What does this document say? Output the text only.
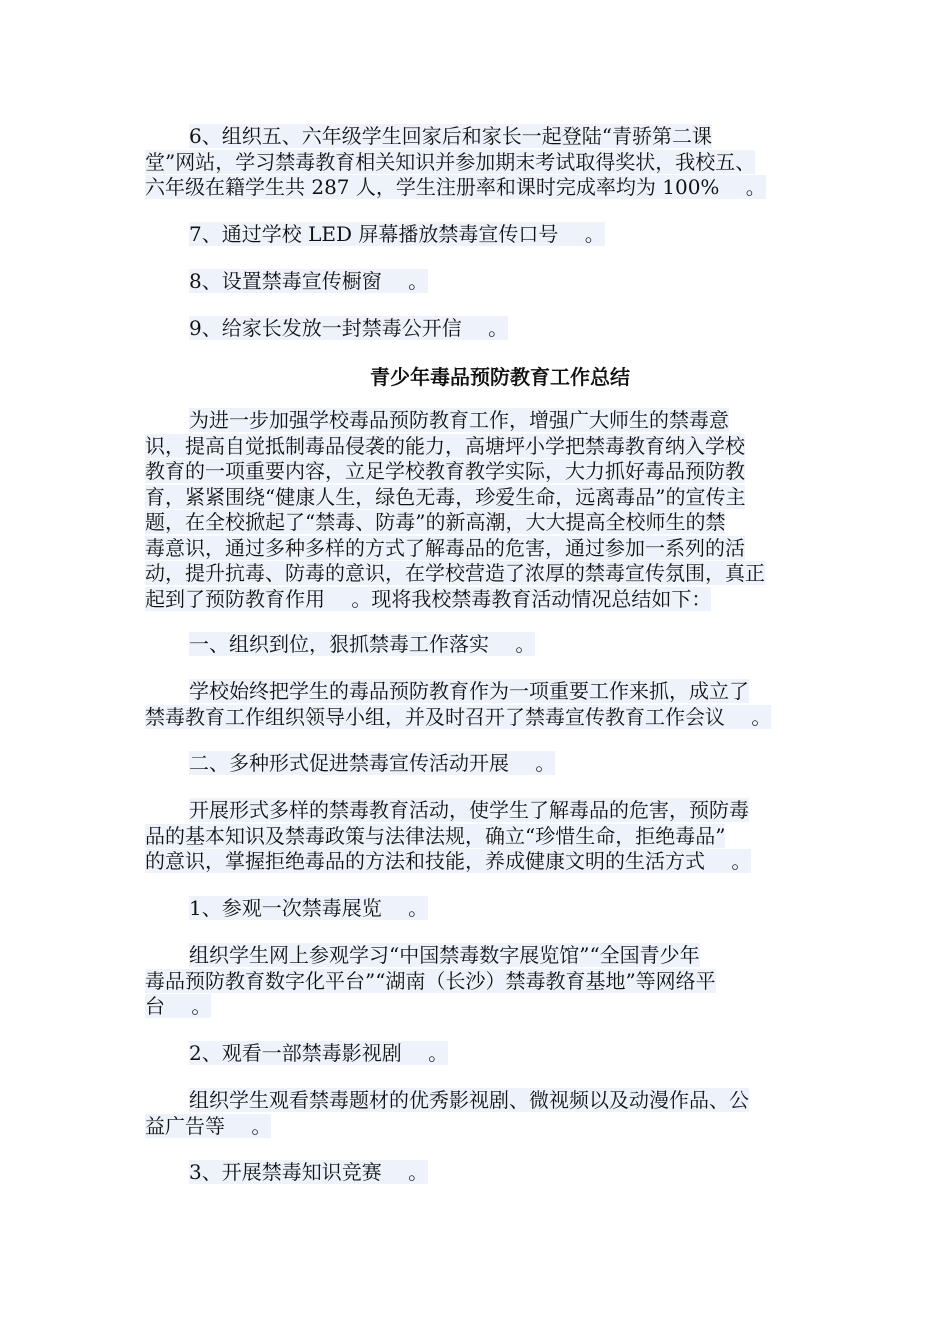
6、组织五、六年级学生回家后和家长一起登陆“青骄第二课
堂”网站，学习禁毒教育相关知识并参加期末考试取得奖状，我校五、
六年级在籍学生共 287 人，学生注册率和课时完成率均为 100%　 。

7、通过学校 LED 屏幕播放禁毒宣传口号　 。

8、设置禁毒宣传橱窗　 。

9、给家长发放一封禁毒公开信　 。

青少年毒品预防教育工作总结

为进一步加强学校毒品预防教育工作，增强广大师生的禁毒意
识，提高自觉抵制毒品侵袭的能力，高塘坪小学把禁毒教育纳入学校
教育的一项重要内容，立足学校教育教学实际，大力抓好毒品预防教
育，紧紧围绕“健康人生，绿色无毒，珍爱生命，远离毒品”的宣传主
题，在全校掀起了“禁毒、防毒”的新高潮，大大提高全校师生的禁
毒意识，通过多种多样的方式了解毒品的危害，通过参加一系列的活
动，提升抗毒、防毒的意识，在学校营造了浓厚的禁毒宣传氛围，真正
起到了预防教育作用　 。现将我校禁毒教育活动情况总结如下：

一、组织到位，狠抓禁毒工作落实　 。

学校始终把学生的毒品预防教育作为一项重要工作来抓，成立了
禁毒教育工作组织领导小组，并及时召开了禁毒宣传教育工作会议　 。

二、多种形式促进禁毒宣传活动开展　 。

开展形式多样的禁毒教育活动，使学生了解毒品的危害，预防毒
品的基本知识及禁毒政策与法律法规，确立“珍惜生命，拒绝毒品”
的意识，掌握拒绝毒品的方法和技能，养成健康文明的生活方式　 。

1、参观一次禁毒展览　 。

组织学生网上参观学习“中国禁毒数字展览馆”“全国青少年
毒品预防教育数字化平台”“湖南（长沙）禁毒教育基地”等网络平
台　 。

2、观看一部禁毒影视剧　 。

组织学生观看禁毒题材的优秀影视剧、微视频以及动漫作品、公
益广告等　 。

3、开展禁毒知识竞赛　 。
